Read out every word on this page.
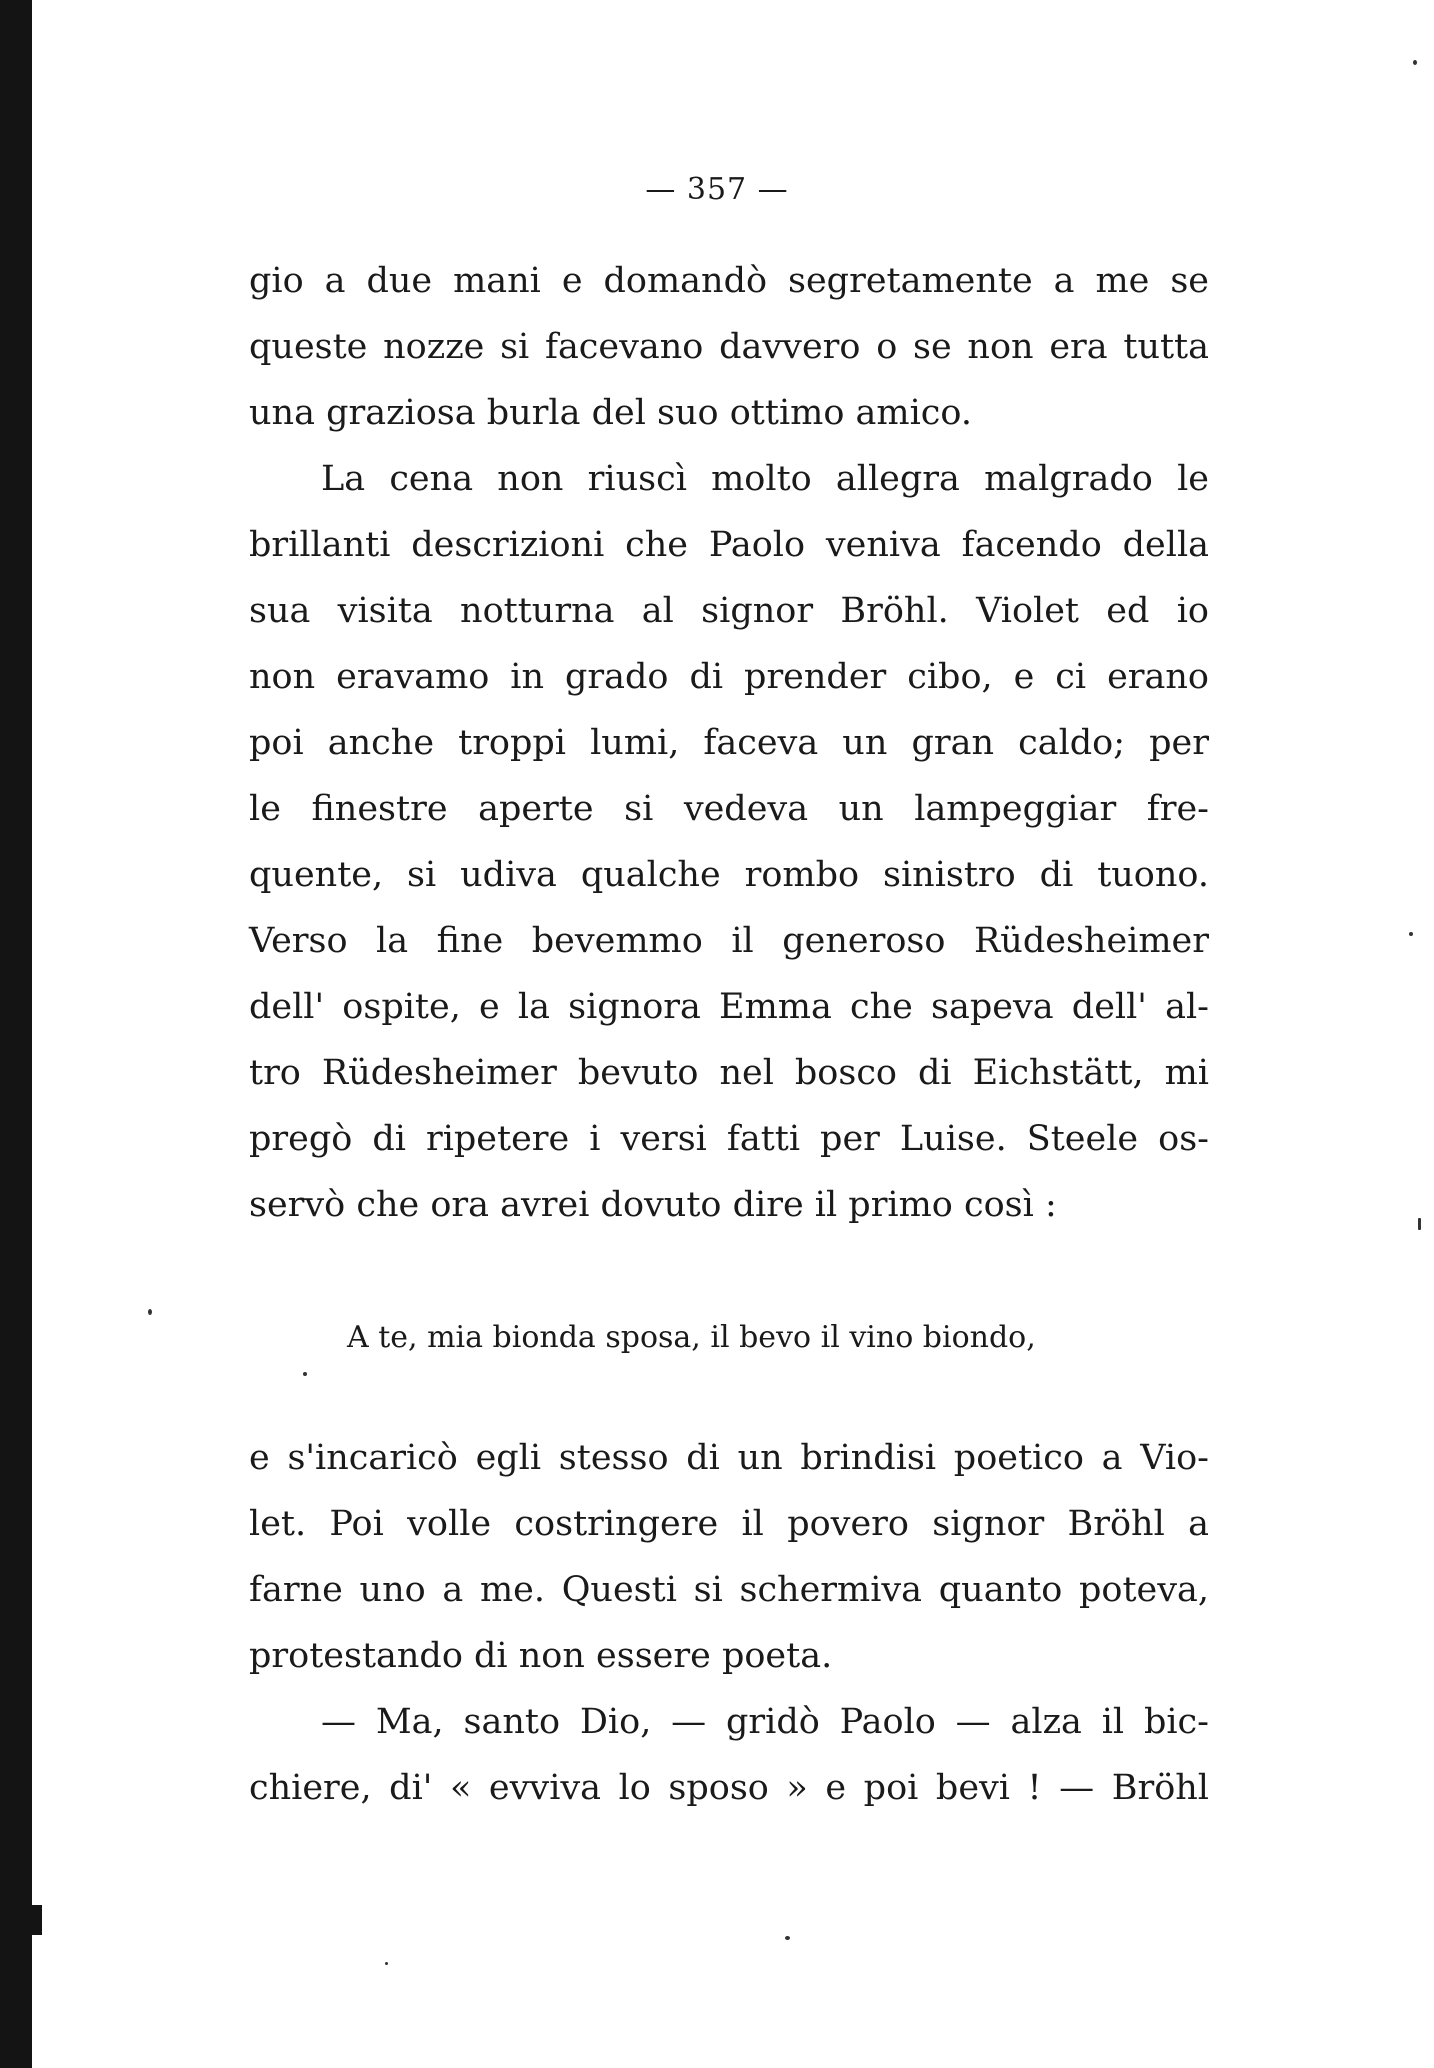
— 357 —
gio a due mani e domandò segretamente a me se
queste nozze si facevano davvero o se non era tutta
una graziosa burla del suo ottimo amico.
La cena non riuscì molto allegra malgrado le
brillanti descrizioni che Paolo veniva facendo della
sua visita notturna al signor Bröhl. Violet ed io
non eravamo in grado di prender cibo, e ci erano
poi anche troppi lumi, faceva un gran caldo; per
le finestre aperte si vedeva un lampeggiar fre-
quente, si udiva qualche rombo sinistro di tuono.
Verso la fine bevemmo il generoso Rüdesheimer
dell' ospite, e la signora Emma che sapeva dell' al-
tro Rüdesheimer bevuto nel bosco di Eichstätt, mi
pregò di ripetere i versi fatti per Luise. Steele os-
servò che ora avrei dovuto dire il primo così :
A te, mia bionda sposa, il bevo il vino biondo,
e s'incaricò egli stesso di un brindisi poetico a Vio-
let. Poi volle costringere il povero signor Bröhl a
farne uno a me. Questi si schermiva quanto poteva,
protestando di non essere poeta.
— Ma, santo Dio, — gridò Paolo — alza il bic-
chiere, di' « evviva lo sposo » e poi bevi ! — Bröhl
